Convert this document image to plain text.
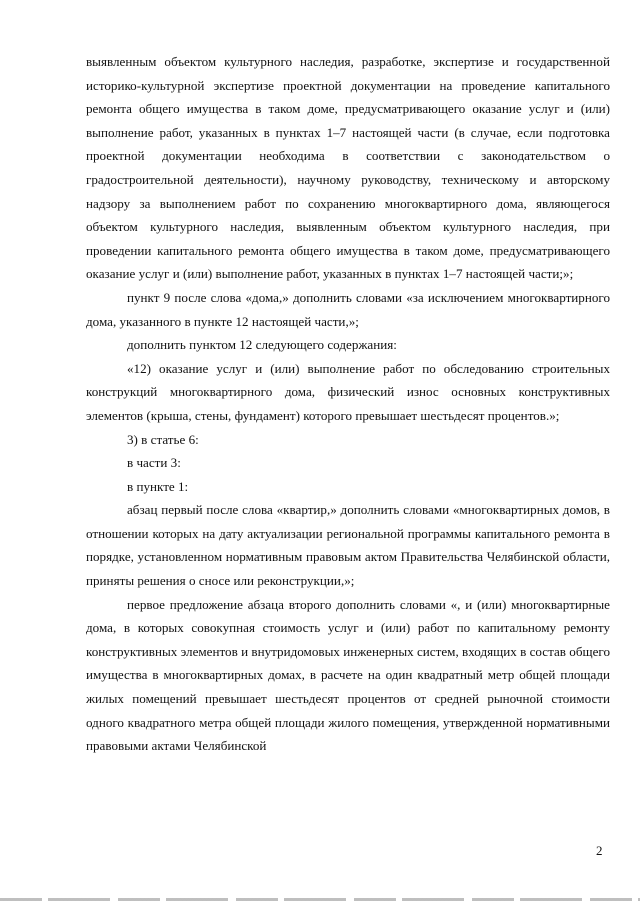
выявленным объектом культурного наследия, разработке, экспертизе и государственной историко-культурной экспертизе проектной документации на проведение капитального ремонта общего имущества в таком доме, предусматривающего оказание услуг и (или) выполнение работ, указанных в пунктах 1–7 настоящей части (в случае, если подготовка проектной документации необходима в соответствии с законодательством о градостроительной деятельности), научному руководству, техническому и авторскому надзору за выполнением работ по сохранению многоквартирного дома, являющегося объектом культурного наследия, выявленным объектом культурного наследия, при проведении капитального ремонта общего имущества в таком доме, предусматривающего оказание услуг и (или) выполнение работ, указанных в пунктах 1–7 настоящей части;»;

пункт 9 после слова «дома,» дополнить словами «за исключением многоквартирного дома, указанного в пункте 12 настоящей части,»;

дополнить пунктом 12 следующего содержания:

«12) оказание услуг и (или) выполнение работ по обследованию строительных конструкций многоквартирного дома, физический износ основных конструктивных элементов (крыша, стены, фундамент) которого превышает шестьдесят процентов.»;

3) в статье 6:

в части 3:

в пункте 1:

абзац первый после слова «квартир,» дополнить словами «многоквартирных домов, в отношении которых на дату актуализации региональной программы капитального ремонта в порядке, установленном нормативным правовым актом Правительства Челябинской области, приняты решения о сносе или реконструкции,»;

первое предложение абзаца второго дополнить словами «, и (или) многоквартирные дома, в которых совокупная стоимость услуг и (или) работ по капитальному ремонту конструктивных элементов и внутридомовых инженерных систем, входящих в состав общего имущества в многоквартирных домах, в расчете на один квадратный метр общей площади жилых помещений превышает шестьдесят процентов от средней рыночной стоимости одного квадратного метра общей площади жилого помещения, утвержденной нормативными правовыми актами Челябинской

2
